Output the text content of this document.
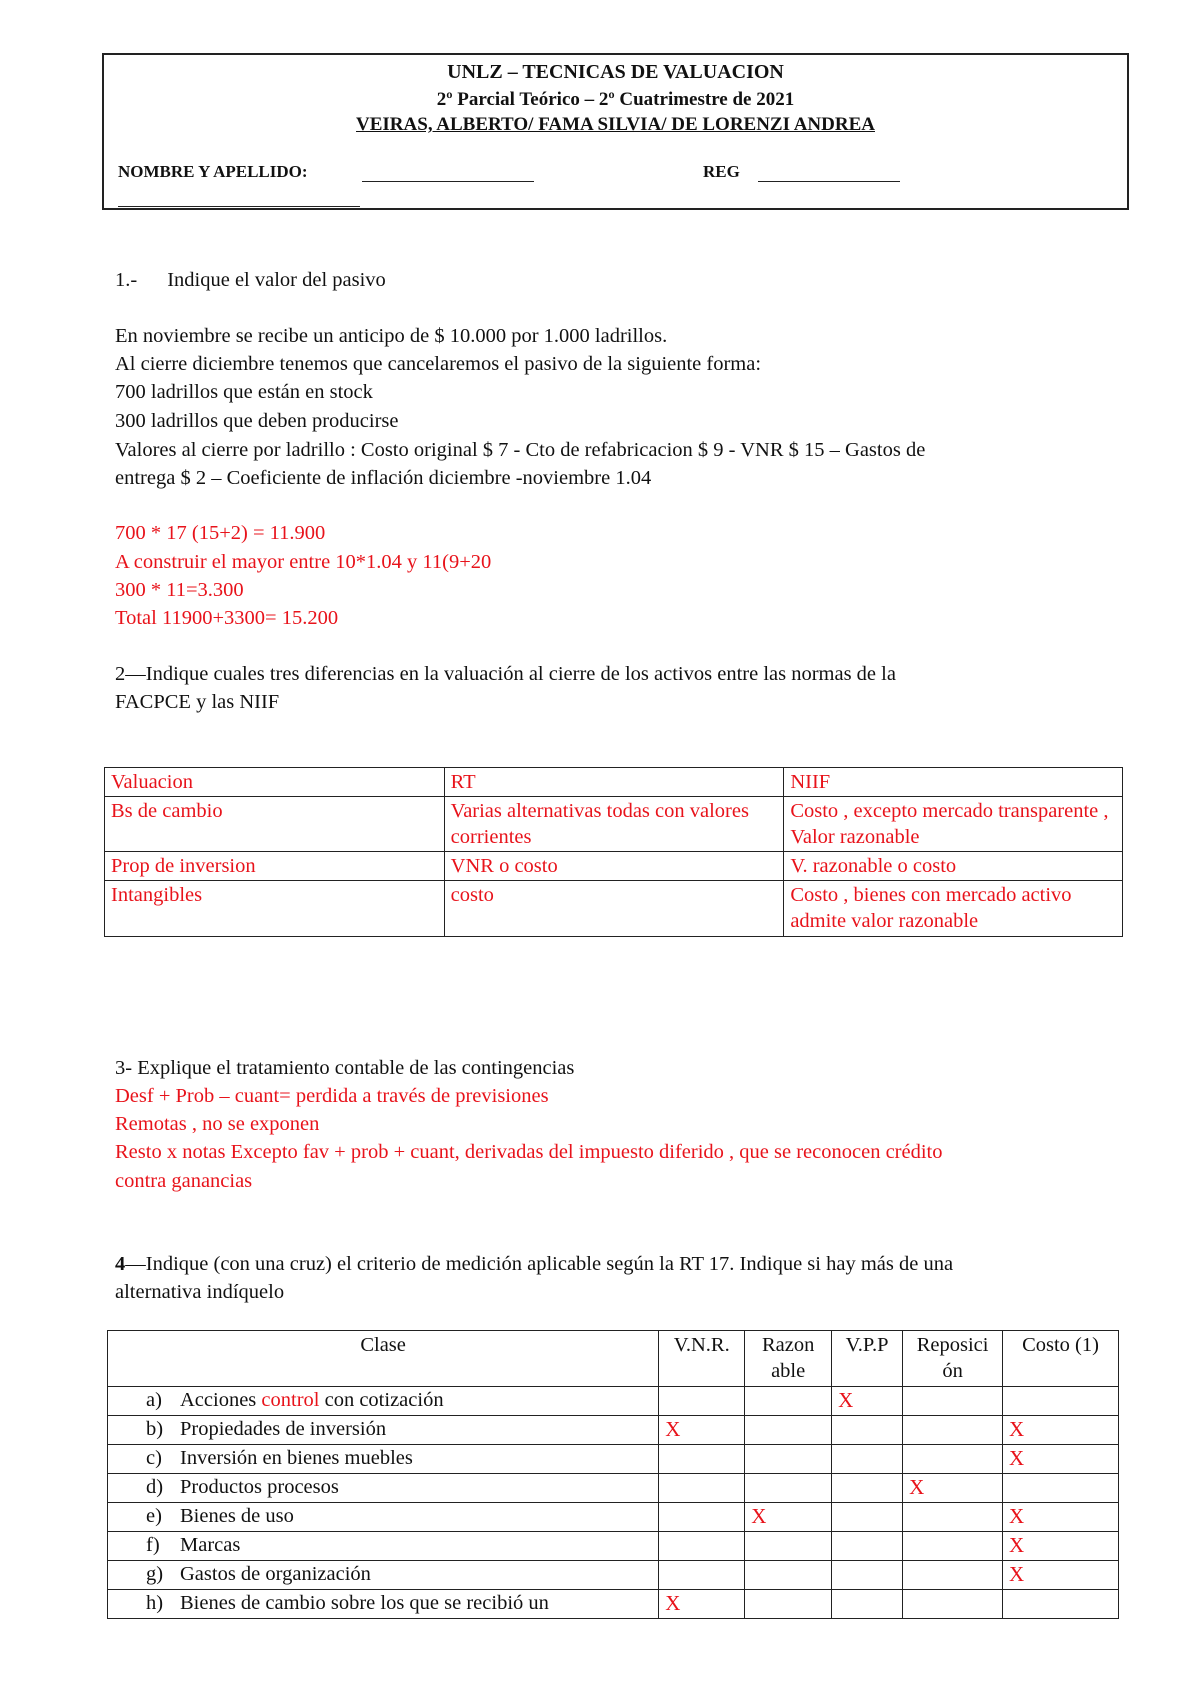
UNLZ – TECNICAS DE VALUACION
2º Parcial Teórico – 2º Cuatrimestre de 2021
VEIRAS, ALBERTO/ FAMA SILVIA/ DE LORENZI ANDREA
NOMBRE Y APELLIDO:	REG
1.- Indique el valor del pasivo
En noviembre se recibe un anticipo de $ 10.000 por 1.000 ladrillos.
Al cierre diciembre tenemos que cancelaremos el pasivo de la siguiente forma:
700 ladrillos que están en stock
300 ladrillos que deben producirse
Valores al cierre por ladrillo : Costo original $ 7 - Cto de refabricacion $ 9 - VNR $ 15 – Gastos de
entrega $ 2 – Coeficiente de inflación diciembre -noviembre 1.04
700 * 17 (15+2) = 11.900
A construir el mayor entre 10*1.04 y 11(9+20
300 * 11=3.300
Total 11900+3300= 15.200
2—Indique cuales tres diferencias en la valuación al cierre de los activos entre las normas de la
FACPCE y las NIIF
Valuacion	RT	NIIF
Bs de cambio	Varias alternativas todas con valores corrientes	Costo , excepto mercado transparente , Valor razonable
Prop de inversion	VNR o costo	V. razonable o costo
Intangibles	costo	Costo , bienes con mercado activo admite valor razonable
3- Explique el tratamiento contable de las contingencias
Desf + Prob – cuant= perdida a través de previsiones
Remotas , no se exponen
Resto x notas Excepto fav + prob + cuant, derivadas del impuesto diferido , que se reconocen crédito
contra ganancias
4—Indique (con una cruz) el criterio de medición aplicable según la RT 17. Indique si hay más de una
alternativa indíquelo
Clase	V.N.R.	Razon able	V.P.P	Reposici ón	Costo (1)
a) Acciones control con cotización			X		
b) Propiedades de inversión	X				X
c) Inversión en bienes muebles					X
d) Productos procesos				X	
e) Bienes de uso		X			X
f) Marcas					X
g) Gastos de organización					X
h) Bienes de cambio sobre los que se recibió un	X				
